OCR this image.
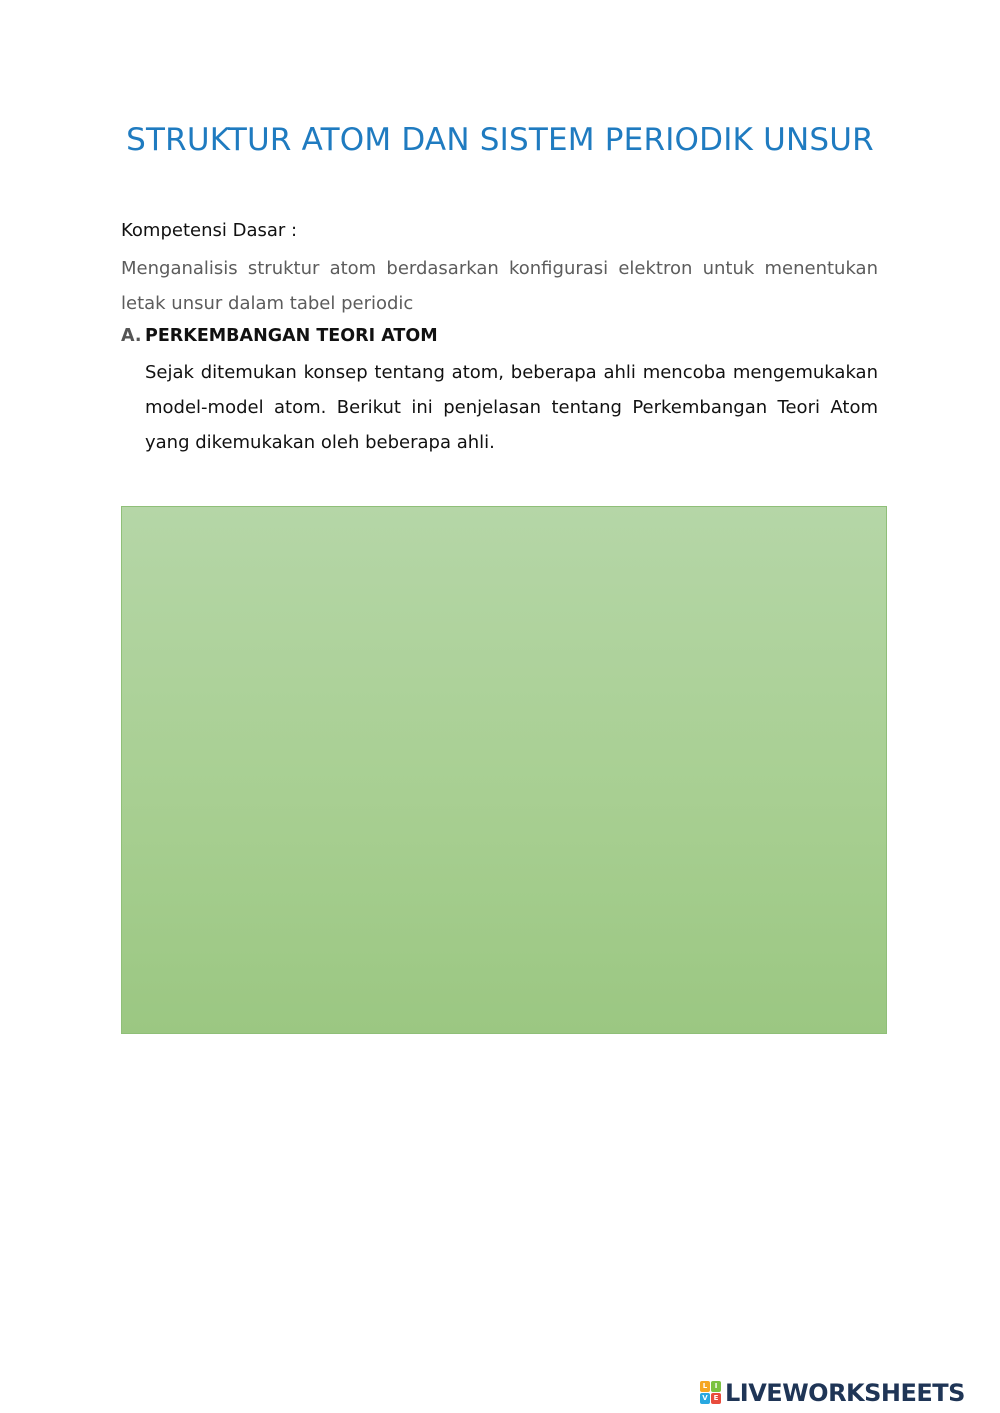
STRUKTUR ATOM DAN SISTEM PERIODIK UNSUR
Kompetensi Dasar :
Menganalisis struktur atom berdasarkan konfigurasi elektron untuk menentukan letak unsur dalam tabel periodic
A. PERKEMBANGAN TEORI ATOM
Sejak ditemukan konsep tentang atom, beberapa ahli mencoba mengemukakan model-model atom. Berikut ini penjelasan tentang Perkembangan Teori Atom yang dikemukakan oleh beberapa ahli.
L	I
V E LIVEWORKSHEETS
